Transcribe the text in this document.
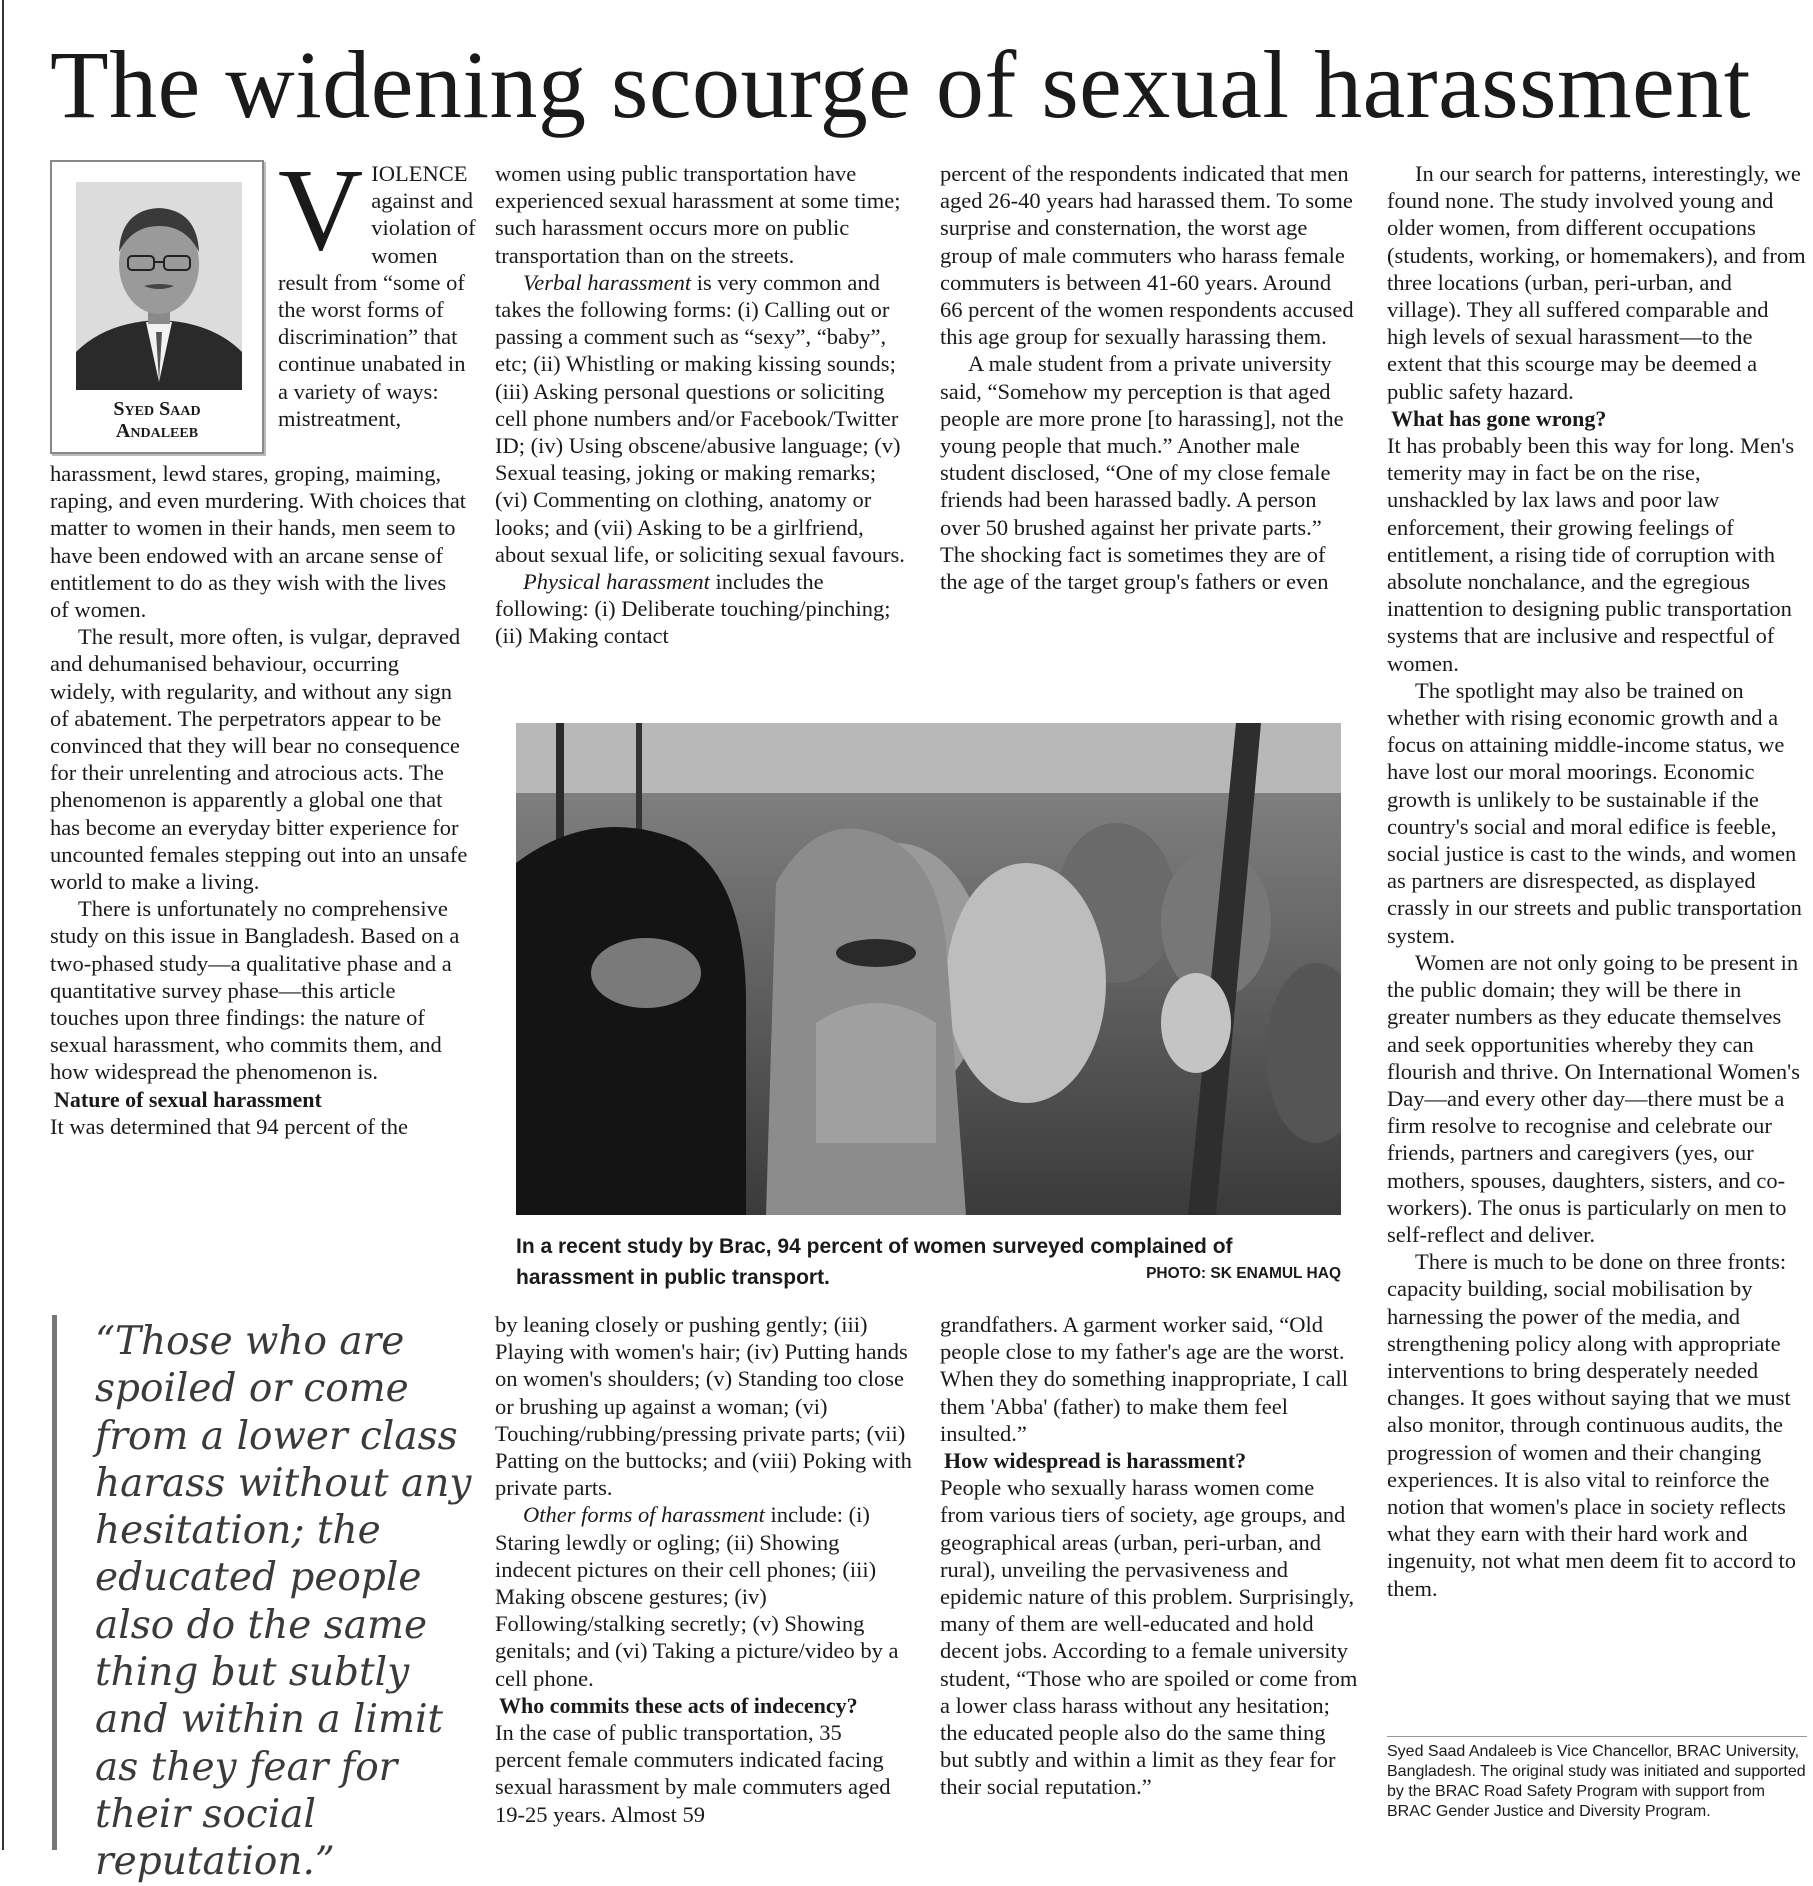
The widening scourge of sexual harassment
Syed Saad
Andaleeb
VIOLENCE against and violation of women result from “some of the worst forms of discrimination” that continue unabated in a variety of ways: mistreatment,

harassment, lewd stares, groping, maiming, raping, and even murdering. With choices that matter to women in their hands, men seem to have been endowed with an arcane sense of entitlement to do as they wish with the lives of women.

The result, more often, is vulgar, depraved and dehumanised behaviour, occurring widely, with regularity, and without any sign of abatement. The perpetrators appear to be convinced that they will bear no consequence for their unrelenting and atrocious acts. The phenomenon is apparently a global one that has become an everyday bitter experience for uncounted females stepping out into an unsafe world to make a living.

There is unfortunately no comprehensive study on this issue in Bangladesh. Based on a two-phased study—a qualitative phase and a quantitative survey phase—this article touches upon three findings: the nature of sexual harassment, who commits them, and how widespread the phenomenon is.

Nature of sexual harassment

It was determined that 94 percent of the

women using public transportation have experienced sexual harassment at some time; such harassment occurs more on public transportation than on the streets.

Verbal harassment is very common and takes the following forms: (i) Calling out or passing a comment such as “sexy”, “baby”, etc; (ii) Whistling or making kissing sounds; (iii) Asking personal questions or soliciting cell phone numbers and/or Facebook/Twitter ID; (iv) Using obscene/abusive language; (v) Sexual teasing, joking or making remarks; (vi) Commenting on clothing, anatomy or looks; and (vii) Asking to be a girlfriend, about sexual life, or soliciting sexual favours.

Physical harassment includes the following: (i) Deliberate touching/pinching; (ii) Making contact

percent of the respondents indicated that men aged 26-40 years had harassed them. To some surprise and consternation, the worst age group of male commuters who harass female commuters is between 41-60 years. Around 66 percent of the women respondents accused this age group for sexually harassing them.

A male student from a private university said, “Somehow my perception is that aged people are more prone [to harassing], not the young people that much.” Another male student disclosed, “One of my close female friends had been harassed badly. A person over 50 brushed against her private parts.” The shocking fact is sometimes they are of the age of the target group's fathers or even

In our search for patterns, interestingly, we found none. The study involved young and older women, from different occupations (students, working, or homemakers), and from three locations (urban, peri-urban, and village). They all suffered comparable and high levels of sexual harassment—to the extent that this scourge may be deemed a public safety hazard.

What has gone wrong?

It has probably been this way for long. Men's temerity may in fact be on the rise, unshackled by lax laws and poor law enforcement, their growing feelings of entitlement, a rising tide of corruption with absolute nonchalance, and the egregious inattention to designing public transportation systems that are inclusive and respectful of women.

The spotlight may also be trained on whether with rising economic growth and a focus on attaining middle-income status, we have lost our moral moorings. Economic growth is unlikely to be sustainable if the country's social and moral edifice is feeble, social justice is cast to the winds, and women as partners are disrespected, as displayed crassly in our streets and public transportation system.

Women are not only going to be present in the public domain; they will be there in greater numbers as they educate themselves and seek opportunities whereby they can flourish and thrive. On International Women's Day—and every other day—there must be a firm resolve to recognise and celebrate our friends, partners and caregivers (yes, our mothers, spouses, daughters, sisters, and co-workers). The onus is particularly on men to self-reflect and deliver.

There is much to be done on three fronts: capacity building, social mobilisation by harnessing the power of the media, and strengthening policy along with appropriate interventions to bring desperately needed changes. It goes without saying that we must also monitor, through continuous audits, the progression of women and their changing experiences. It is also vital to reinforce the notion that women's place in society reflects what they earn with their hard work and ingenuity, not what men deem fit to accord to them.

In a recent study by Brac, 94 percent of women surveyed complained of harassment in public transport.	PHOTO: SK ENAMUL HAQ
“Those who are spoiled or come from a lower class harass without any hesitation; the educated people also do the same thing but subtly and within a limit as they fear for their social reputation.”

by leaning closely or pushing gently; (iii) Playing with women's hair; (iv) Putting hands on women's shoulders; (v) Standing too close or brushing up against a woman; (vi) Touching/rubbing/pressing private parts; (vii) Patting on the buttocks; and (viii) Poking with private parts.

Other forms of harassment include: (i) Staring lewdly or ogling; (ii) Showing indecent pictures on their cell phones; (iii) Making obscene gestures; (iv) Following/stalking secretly; (v) Showing genitals; and (vi) Taking a picture/video by a cell phone.

Who commits these acts of indecency?

In the case of public transportation, 35 percent female commuters indicated facing sexual harassment by male commuters aged 19-25 years. Almost 59

grandfathers. A garment worker said, “Old people close to my father's age are the worst. When they do something inappropriate, I call them 'Abba' (father) to make them feel insulted.”

How widespread is harassment?

People who sexually harass women come from various tiers of society, age groups, and geographical areas (urban, peri-urban, and rural), unveiling the pervasiveness and epidemic nature of this problem. Surprisingly, many of them are well-educated and hold decent jobs. According to a female university student, “Those who are spoiled or come from a lower class harass without any hesitation; the educated people also do the same thing but subtly and within a limit as they fear for their social reputation.”

Syed Saad Andaleeb is Vice Chancellor, BRAC University, Bangladesh. The original study was initiated and supported by the BRAC Road Safety Program with support from BRAC Gender Justice and Diversity Program.
